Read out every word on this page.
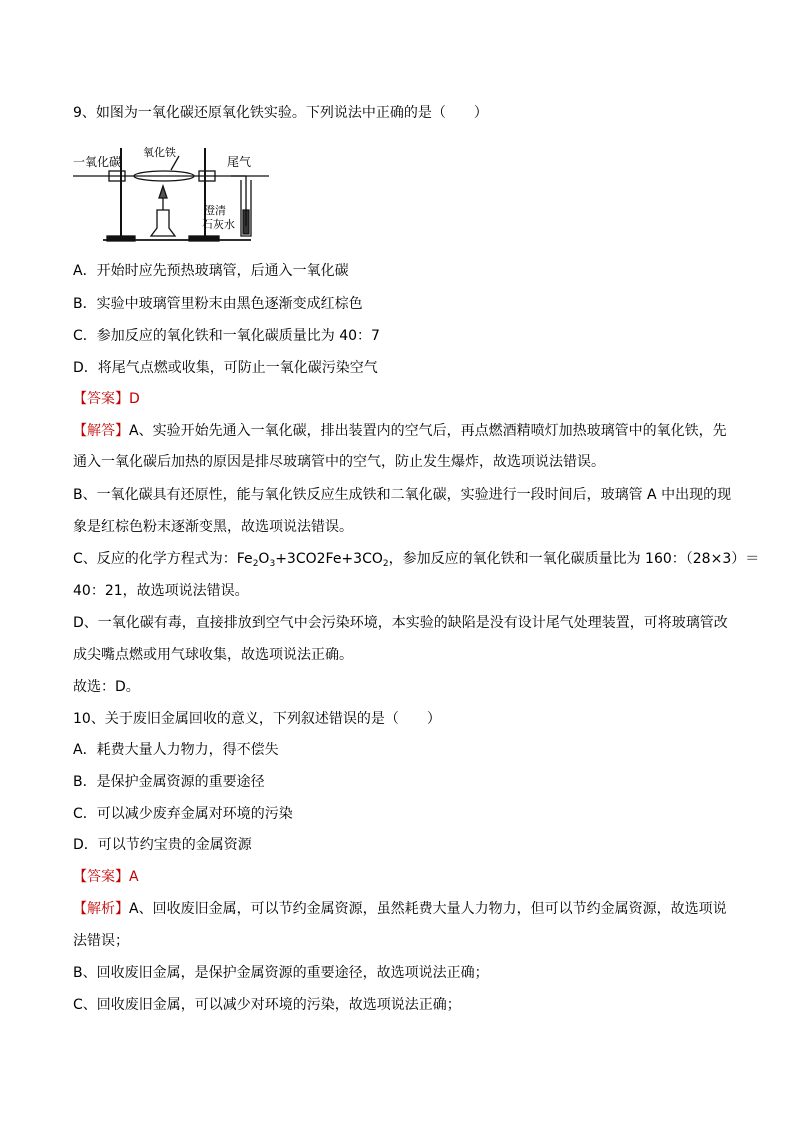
9、如图为一氧化碳还原氧化铁实验。下列说法中正确的是（　　）
一氧化碳
氧化铁
尾气
澄清
石灰水
A．开始时应先预热玻璃管，后通入一氧化碳
B．实验中玻璃管里粉末由黑色逐渐变成红棕色
C．参加反应的氧化铁和一氧化碳质量比为 40：7
D．将尾气点燃或收集，可防止一氧化碳污染空气
【答案】D
【解答】A、实验开始先通入一氧化碳，排出装置内的空气后，再点燃酒精喷灯加热玻璃管中的氧化铁，先
通入一氧化碳后加热的原因是排尽玻璃管中的空气，防止发生爆炸，故选项说法错误。
B、一氧化碳具有还原性，能与氧化铁反应生成铁和二氧化碳，实验进行一段时间后，玻璃管 A 中出现的现
象是红棕色粉末逐渐变黑，故选项说法错误。
C、反应的化学方程式为：$Fe_2O_3+3CO2Fe+3CO_2$，参加反应的氧化铁和一氧化碳质量比为 160：（28×3）＝
40：21，故选项说法错误。
D、一氧化碳有毒，直接排放到空气中会污染环境，本实验的缺陷是没有设计尾气处理装置，可将玻璃管改
成尖嘴点燃或用气球收集，故选项说法正确。
故选：D。
10、关于废旧金属回收的意义，下列叙述错误的是（　　）
A．耗费大量人力物力，得不偿失
B．是保护金属资源的重要途径
C．可以减少废弃金属对环境的污染
D．可以节约宝贵的金属资源
【答案】A
【解析】A、回收废旧金属，可以节约金属资源，虽然耗费大量人力物力，但可以节约金属资源，故选项说
法错误；
B、回收废旧金属，是保护金属资源的重要途径，故选项说法正确；
C、回收废旧金属，可以减少对环境的污染，故选项说法正确；
